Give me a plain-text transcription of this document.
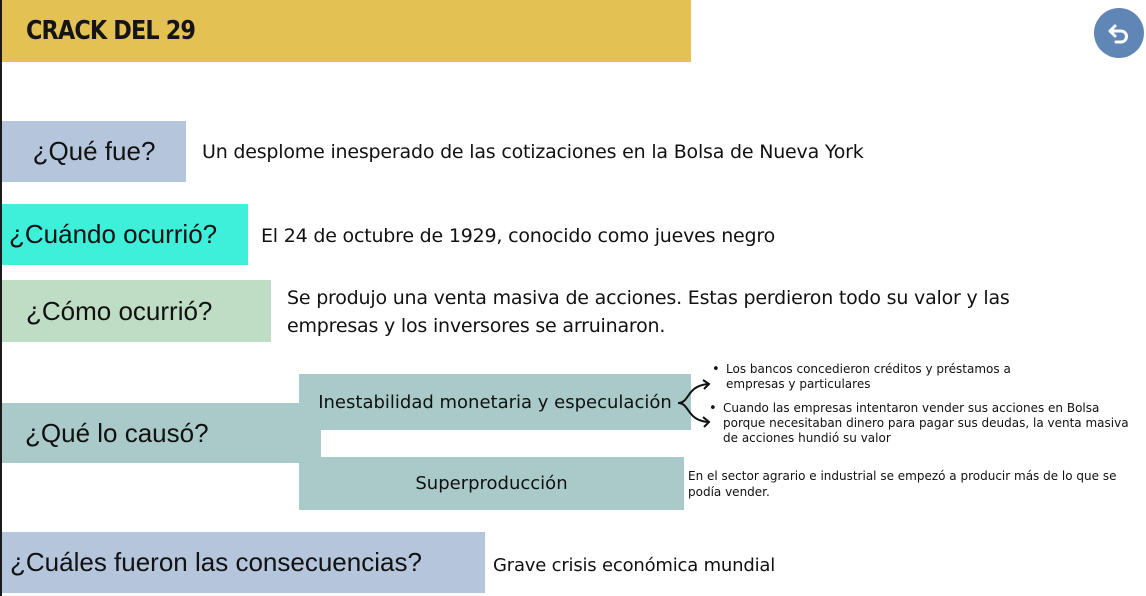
CRACK DEL 29
¿Qué fue? Un desplome inesperado de las cotizaciones en la Bolsa de Nueva York
¿Cuándo ocurrió? El 24 de octubre de 1929, conocido como jueves negro
¿Cómo ocurrió?	Se produjo una venta masiva de acciones. Estas perdieron todo su valor y las
empresas y los inversores se arruinaron.
¿Qué lo causó?
Inestabilidad monetaria y especulación
• Los bancos concedieron créditos y préstamos a empresas y particulares
• Cuando las empresas intentaron vender sus acciones en Bolsa porque necesitaban dinero para pagar sus deudas, la venta masiva de acciones hundió su valor
Superproducción	En el sector agrario e industrial se empezó a producir más de lo que se podía vender.
¿Cuáles fueron las consecuencias?	Grave crisis económica mundial
